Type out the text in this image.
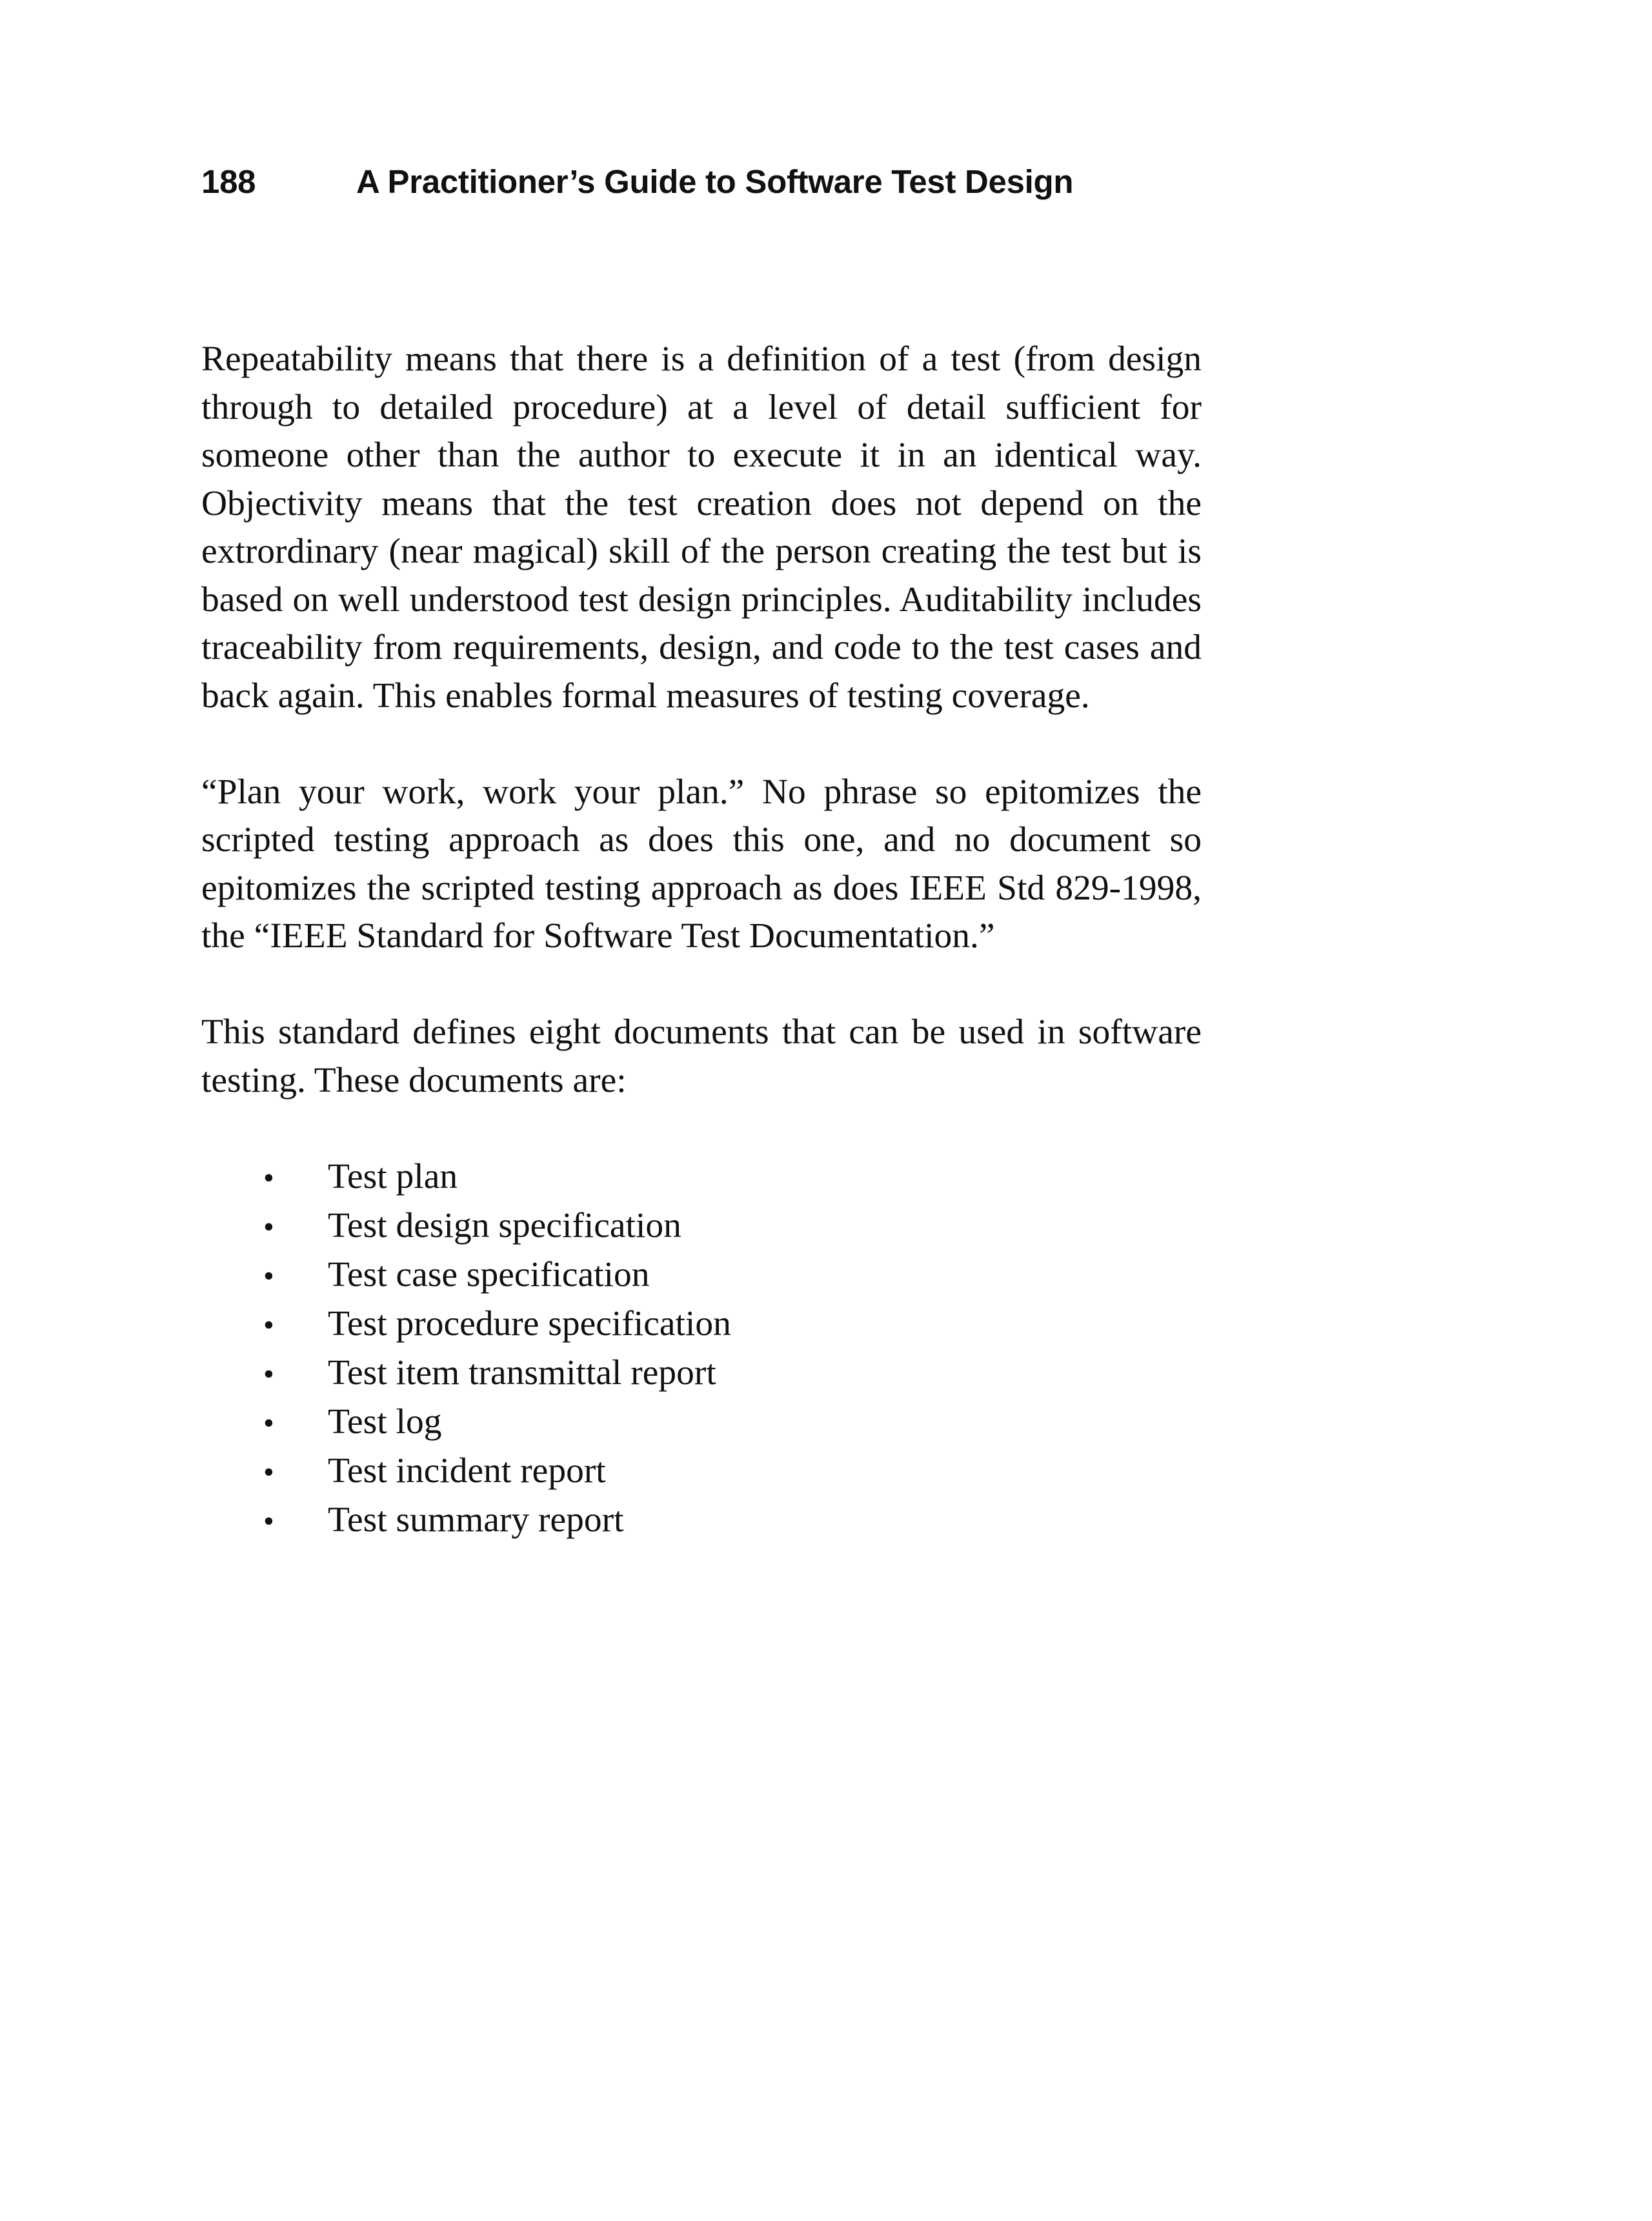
188	A Practitioner’s Guide to Software Test Design

Repeatability means that there is a definition of a test (from design through to detailed procedure) at a level of detail sufficient for someone other than the author to execute it in an identical way. Objectivity means that the test creation does not depend on the extrordinary (near magical) skill of the person creating the test but is based on well understood test design principles. Auditability includes traceability from requirements, design, and code to the test cases and back again. This enables formal measures of testing coverage.

“Plan your work, work your plan.” No phrase so epitomizes the scripted testing approach as does this one, and no document so epitomizes the scripted testing approach as does IEEE Std 829-1998, the “IEEE Standard for Software Test Documentation.”

This standard defines eight documents that can be used in software testing. These documents are:

•	Test plan
•	Test design specification
•	Test case specification
•	Test procedure specification
•	Test item transmittal report
•	Test log
•	Test incident report
•	Test summary report
